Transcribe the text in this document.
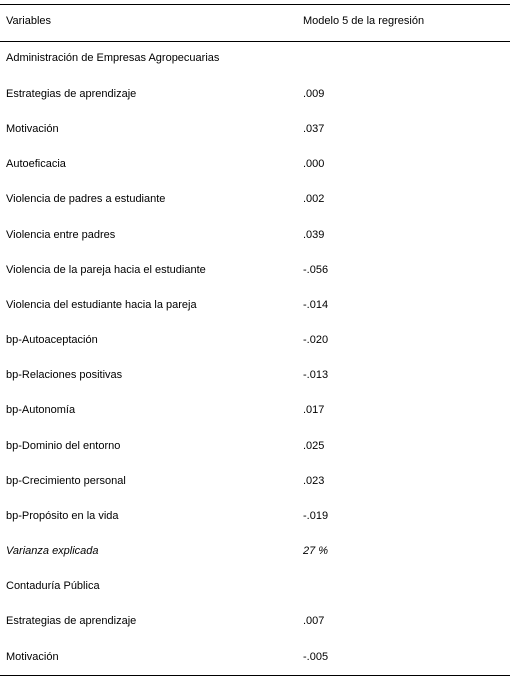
Variables	Modelo 5 de la regresión
Administración de Empresas Agropecuarias
Estrategias de aprendizaje	.009
Motivación	.037
Autoeficacia	.000
Violencia de padres a estudiante	.002
Violencia entre padres	.039
Violencia de la pareja hacia el estudiante	-.056
Violencia del estudiante hacia la pareja	-.014
bp-Autoaceptación	-.020
bp-Relaciones positivas	-.013
bp-Autonomía	.017
bp-Dominio del entorno	.025
bp-Crecimiento personal	.023
bp-Propósito en la vida	-.019
Varianza explicada	27 %
Contaduría Pública
Estrategias de aprendizaje	.007
Motivación	-.005
